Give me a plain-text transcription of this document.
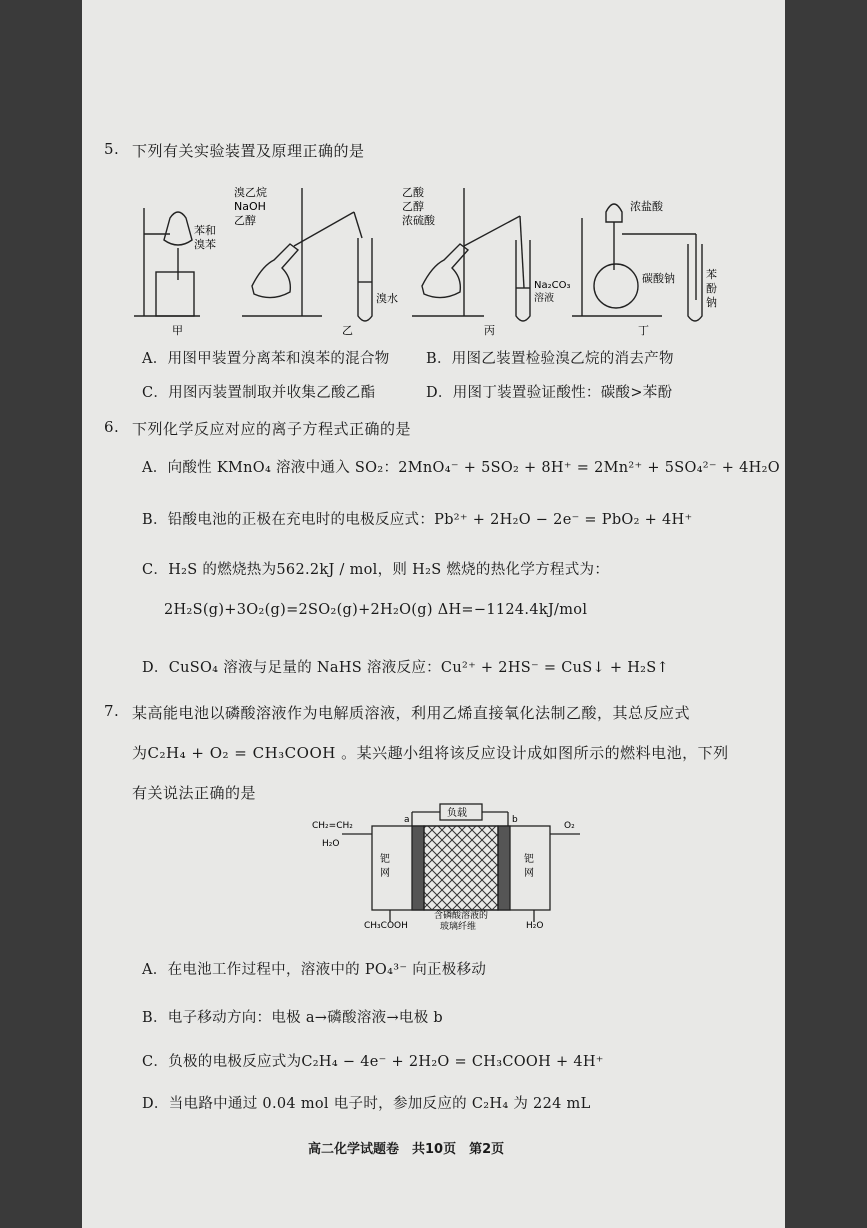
5. 下列有关实验装置及原理正确的是
苯和
溴苯
溴乙烷
NaOH
乙醇
溴水
乙酸
乙醇
浓硫酸
Na₂CO₃
溶液
浓盐酸
碳酸钠	苯
酚
钠
甲	乙	丙	丁
A．用图甲装置分离苯和溴苯的混合物	B．用图乙装置检验溴乙烷的消去产物
C．用图丙装置制取并收集乙酸乙酯	D．用图丁装置验证酸性：碳酸>苯酚
6. 下列化学反应对应的离子方程式正确的是
A．向酸性 KMnO₄ 溶液中通入 SO₂：2MnO₄⁻ + 5SO₂ + 8H⁺ = 2Mn²⁺ + 5SO₄²⁻ + 4H₂O
B．铅酸电池的正极在充电时的电极反应式：Pb²⁺ + 2H₂O − 2e⁻ = PbO₂ + 4H⁺
C．H₂S 的燃烧热为562.2kJ / mol，则 H₂S 燃烧的热化学方程式为：
2H₂S(g)+3O₂(g)=2SO₂(g)+2H₂O(g) ΔH=−1124.4kJ/mol
D．CuSO₄ 溶液与足量的 NaHS 溶液反应：Cu²⁺ + 2HS⁻ = CuS↓ + H₂S↑
7. 某高能电池以磷酸溶液作为电解质溶液，利用乙烯直接氧化法制乙酸，其总反应式
为C₂H₄ + O₂ = CH₃COOH 。某兴趣小组将该反应设计成如图所示的燃料电池，下列
有关说法正确的是
负载
a	b
CH₂=CH₂
H₂O
O₂
钯
网
钯
网
CH₃COOH	H₂O
含磷酸溶液的
玻璃纤维
A．在电池工作过程中，溶液中的 PO₄³⁻ 向正极移动
B．电子移动方向：电极 a→磷酸溶液→电极 b
C．负极的电极反应式为C₂H₄ − 4e⁻ + 2H₂O = CH₃COOH + 4H⁺
D．当电路中通过 0.04 mol 电子时，参加反应的 C₂H₄ 为 224 mL
高二化学试题卷　共10页　第2页
